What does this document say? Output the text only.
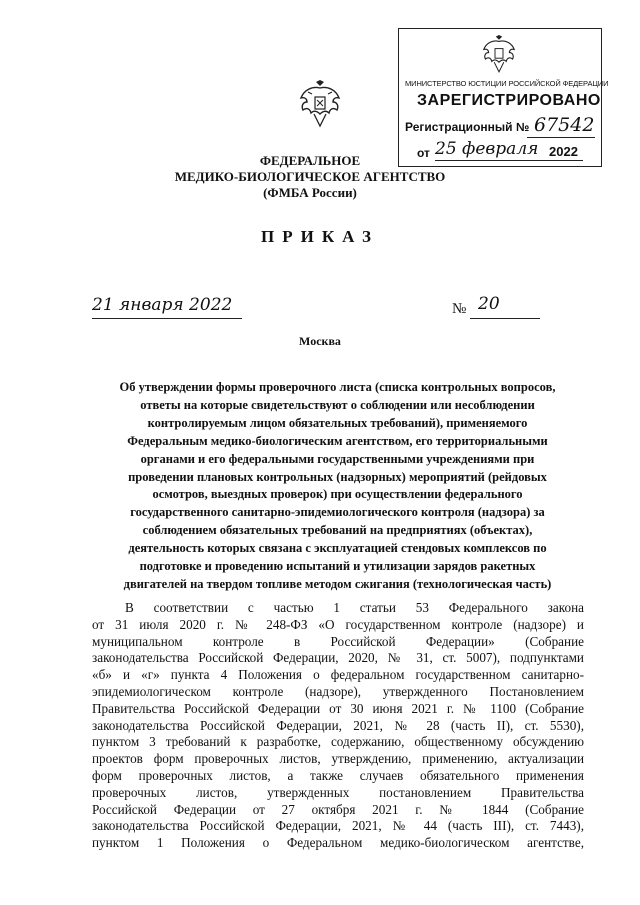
МИНИСТЕРСТВО ЮСТИЦИИ РОССИЙСКОЙ ФЕДЕРАЦИИ
ЗАРЕГИСТРИРОВАНО
Регистрационный № 67542
от 25 февраля 2022
ФЕДЕРАЛЬНОЕ
МЕДИКО-БИОЛОГИЧЕСКОЕ АГЕНТСТВО
(ФМБА России)
ПРИКАЗ
21 января 2022	№ 20
Москва
Об утверждении формы проверочного листа (списка контрольных вопросов,
ответы на которые свидетельствуют о соблюдении или несоблюдении
контролируемым лицом обязательных требований), применяемого
Федеральным медико-биологическим агентством, его территориальными
органами и его федеральными государственными учреждениями при
проведении плановых контрольных (надзорных) мероприятий (рейдовых
осмотров, выездных проверок) при осуществлении федерального
государственного санитарно-эпидемиологического контроля (надзора) за
соблюдением обязательных требований на предприятиях (объектах),
деятельность которых связана с эксплуатацией стендовых комплексов по
подготовке и проведению испытаний и утилизации зарядов ракетных
двигателей на твердом топливе методом сжигания (технологическая часть)
В соответствии с частью 1 статьи 53 Федерального закона
от 31 июля 2020 г. № 248-ФЗ «О государственном контроле (надзоре) и
муниципальном контроле в Российской Федерации» (Собрание
законодательства Российской Федерации, 2020, № 31, ст. 5007), подпунктами
«б» и «г» пункта 4 Положения о федеральном государственном санитарно-
эпидемиологическом контроле (надзоре), утвержденного Постановлением
Правительства Российской Федерации от 30 июня 2021 г. № 1100 (Собрание
законодательства Российской Федерации, 2021, № 28 (часть II), ст. 5530),
пунктом 3 требований к разработке, содержанию, общественному обсуждению
проектов форм проверочных листов, утверждению, применению, актуализации
форм проверочных листов, а также случаев обязательного применения
проверочных листов, утвержденных постановлением Правительства
Российской Федерации от 27 октября 2021 г. № 1844 (Собрание
законодательства Российской Федерации, 2021, № 44 (часть III), ст. 7443),
пунктом 1 Положения о Федеральном медико-биологическом агентстве,
